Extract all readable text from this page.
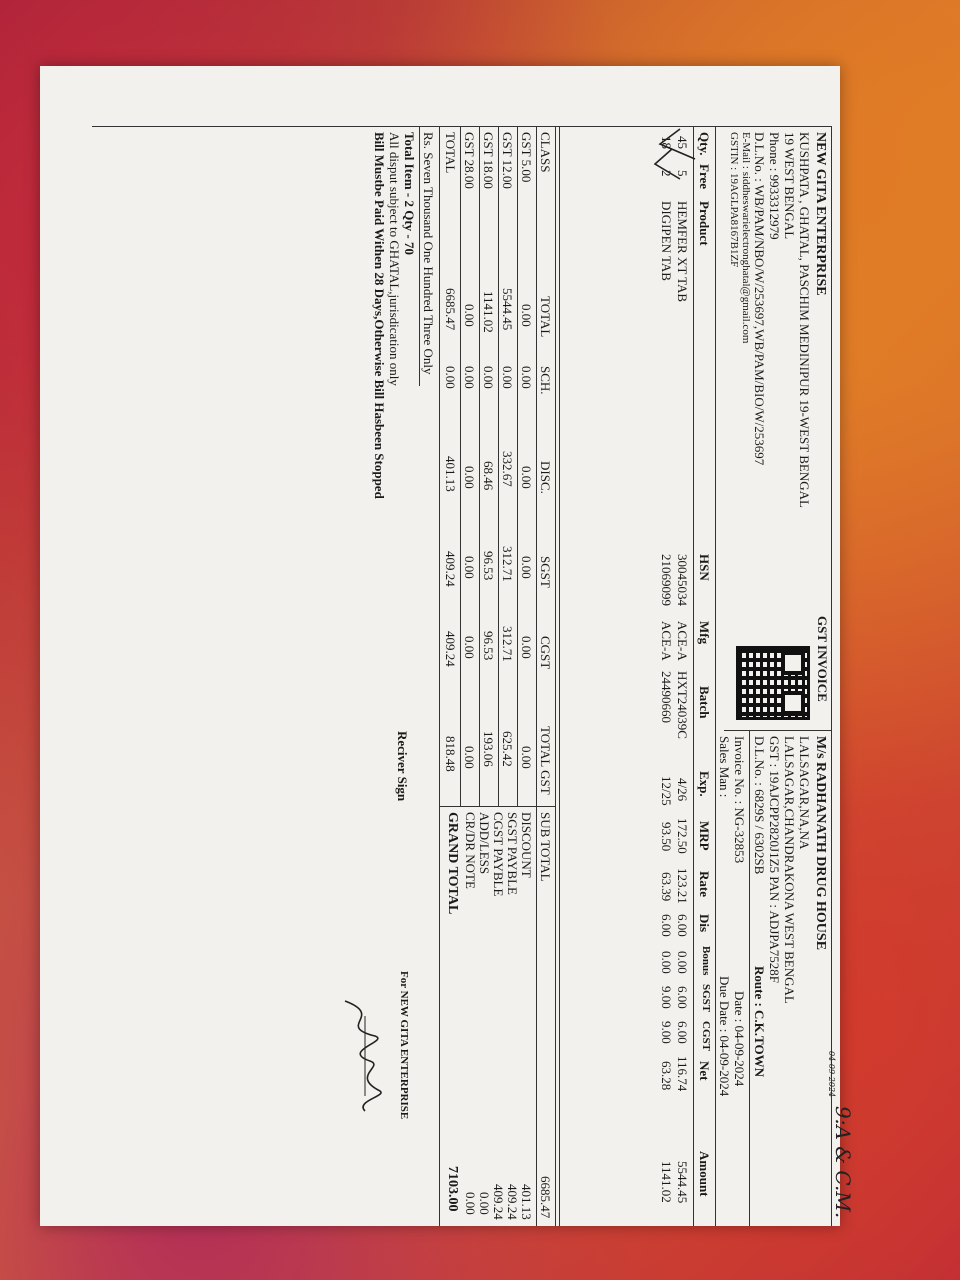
NEW GITA ENTERPRISE
KUSHPATA , GHATAL, PASCHIM MEDINIPUR 19-WEST BENGAL
19 WEST BENGAL
Phone : 9933312979
D.L.No. : WB/PAM/NBO/W/253697,WB/PAM/BIO/W/253697
E-Mail : siddheswarielectronghatal@gmail.com
GSTIN : 19AGLPA8167B1ZF
GST INVOICE
M/s RADHANATH DRUG HOUSE
LALSAGAR,NA,NA
LALSAGAR,CHANDRAKONA WEST BENGAL
GST : 19AJCPP2820J1Z5 PAN : ADJPA7528F
D.L.No. : 6829S / 6302SB
Route : C.K.TOWN
Invoice No. : NG-32853
Date : 04-09-2024
Sales Man :
Due Date : 04-09-2024
9:A & C.M.
04-09-2024
Qty.
Free
Product
HSN
Mfg
Batch
Exp.
MRP
Rate
Dis
Bonus
SGST
CGST
Net
Amount
45
5
HEMFER XT TAB
30045034
ACE-A
HXT24039C
4/26
172.50
123.21
6.00
0.00
6.00
6.00
116.74
5544.45
18
2
DIGIPEN TAB
21069099
ACE-A
24490660
12/25
93.50
63.39
6.00
0.00
9.00
9.00
63.28
1141.02
CLASS
TOTAL
SCH.
DISC.
SGST
CGST
TOTAL GST
GST 5.00
0.00
0.00
0.00
0.00
0.00
0.00
GST 12.00
5544.45
0.00
332.67
312.71
312.71
625.42
GST 18.00
1141.02
0.00
68.46
96.53
96.53
193.06
GST 28.00
0.00
0.00
0.00
0.00
0.00
0.00
TOTAL
6685.47
0.00
401.13
409.24
409.24
818.48
SUB TOTAL
6685.47
DISCOUNT
401.13
SGST PAYBLE
409.24
CGST PAYBLE
409.24
ADD/LESS
0.00
CR/DR NOTE
0.00
GRAND TOTAL
7103.00
Rs. Seven Thousand One Hundred Three Only
Total Item - 2 Qty - 70
All disput subject to GHATAL,jurisdication only
Bill Mustbe Paid Withen 28 Days,Otherwise Bill Hasbeen Stopped
Reciver Sign
For NEW GITA ENTERPRISE
